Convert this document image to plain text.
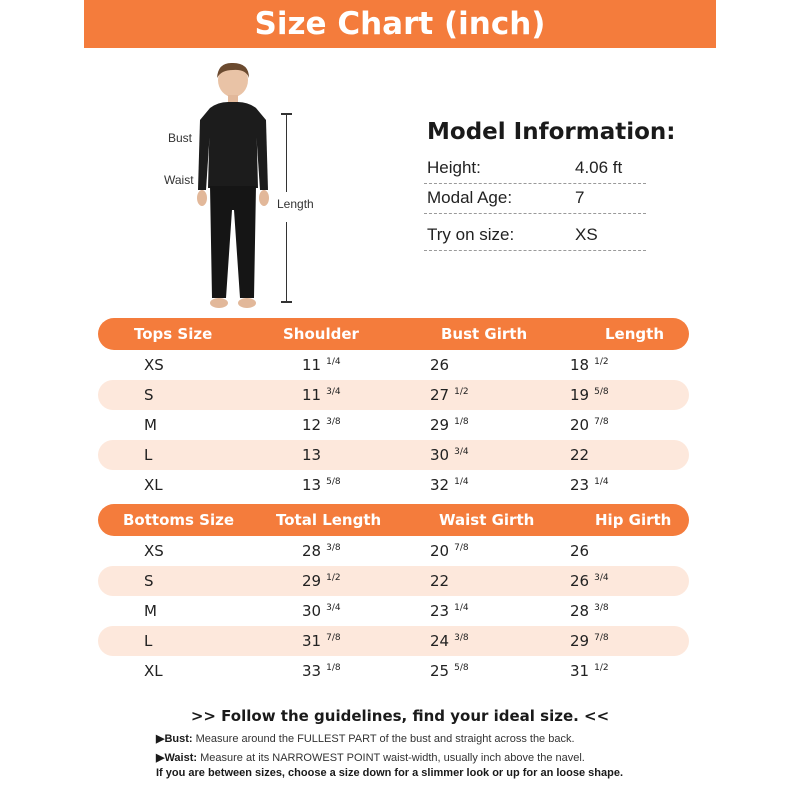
Size Chart (inch)
Bust
Waist
Length
Model Information:
Height:	4.06 ft
Modal Age:	7
Try on size:	XS
Tops Size	Shoulder	Bust Girth	Length
XS	11 $^{1/4}$	26	18 $^{1/2}$
S	11 $^{3/4}$	27 $^{1/2}$	19 $^{5/8}$
M	12 $^{3/8}$	29 $^{1/8}$	20 $^{7/8}$
L	13	30 $^{3/4}$	22
XL	13 $^{5/8}$	32 $^{1/4}$	23 $^{1/4}$
Bottoms Size	Total Length	Waist Girth	Hip Girth
XS	28 $^{3/8}$	20 $^{7/8}$	26
S	29 $^{1/2}$	22	26 $^{3/4}$
M	30 $^{3/4}$	23 $^{1/4}$	28 $^{3/8}$
L	31 $^{7/8}$	24 $^{3/8}$	29 $^{7/8}$
XL	33 $^{1/8}$	25 $^{5/8}$	31 $^{1/2}$
>> Follow the guidelines, find your ideal size. <<
▶Bust: Measure around the FULLEST PART of the bust and straight across the back.
▶Waist: Measure at its NARROWEST POINT waist-width, usually inch above the navel.
If you are between sizes, choose a size down for a slimmer look or up for an loose shape.
